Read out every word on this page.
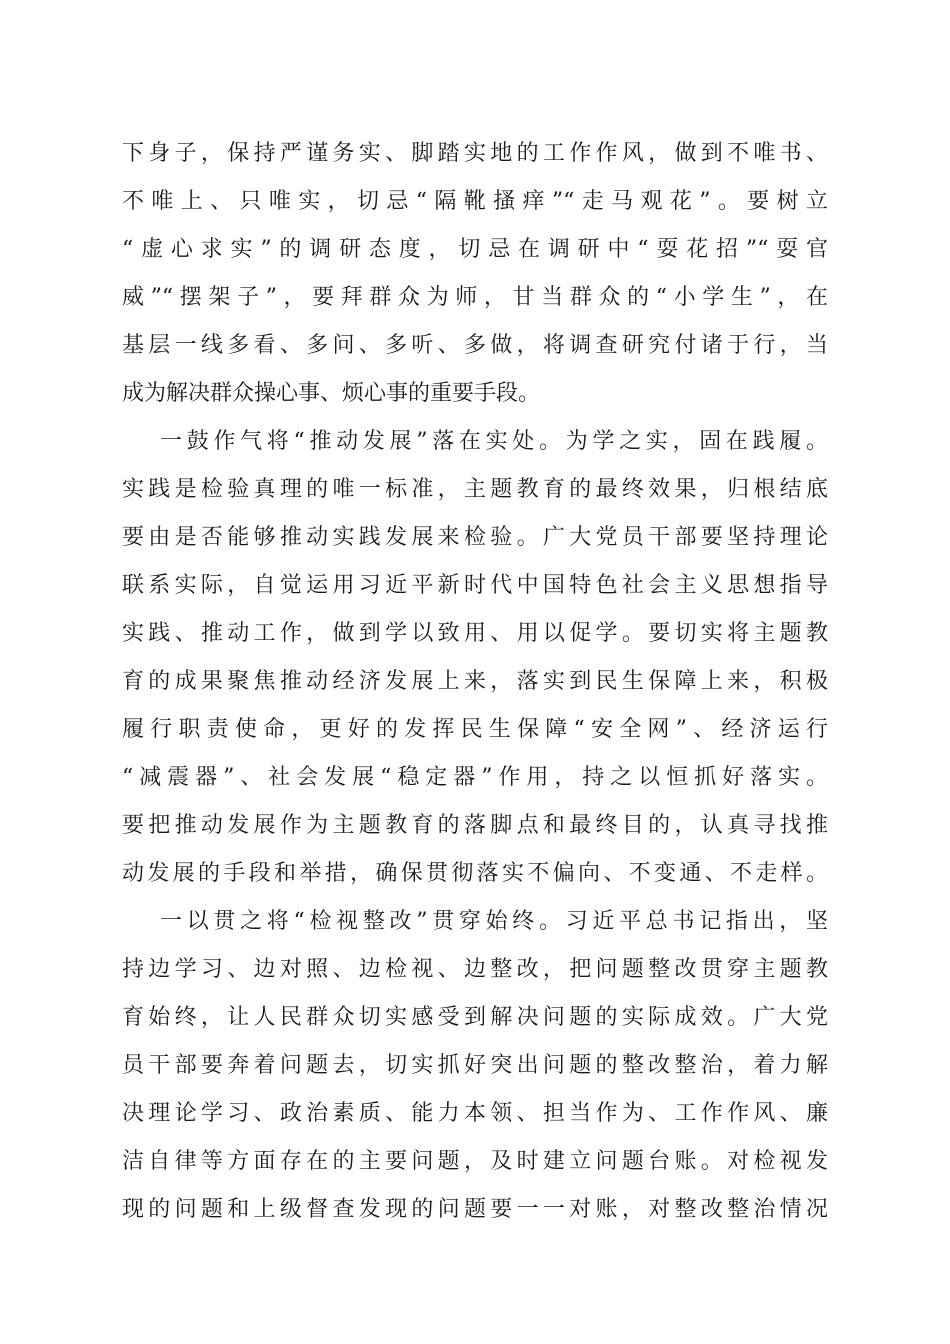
下身子，保持严谨务实、脚踏实地的工作作风，做到不唯书、
不唯上、只唯实，切忌“隔靴搔痒”“走马观花”。要树立
“虚心求实”的调研态度，切忌在调研中“耍花招”“耍官
威”“摆架子”，要拜群众为师，甘当群众的“小学生”，在
基层一线多看、多问、多听、多做，将调查研究付诸于行，当
成为解决群众操心事、烦心事的重要手段。
一鼓作气将“推动发展”落在实处。为学之实，固在践履。
实践是检验真理的唯一标准，主题教育的最终效果，归根结底
要由是否能够推动实践发展来检验。广大党员干部要坚持理论
联系实际，自觉运用习近平新时代中国特色社会主义思想指导
实践、推动工作，做到学以致用、用以促学。要切实将主题教
育的成果聚焦推动经济发展上来，落实到民生保障上来，积极
履行职责使命，更好的发挥民生保障“安全网”、经济运行
“减震器”、社会发展“稳定器”作用，持之以恒抓好落实。
要把推动发展作为主题教育的落脚点和最终目的，认真寻找推
动发展的手段和举措，确保贯彻落实不偏向、不变通、不走样。
一以贯之将“检视整改”贯穿始终。习近平总书记指出，坚
持边学习、边对照、边检视、边整改，把问题整改贯穿主题教
育始终，让人民群众切实感受到解决问题的实际成效。广大党
员干部要奔着问题去，切实抓好突出问题的整改整治，着力解
决理论学习、政治素质、能力本领、担当作为、工作作风、廉
洁自律等方面存在的主要问题，及时建立问题台账。对检视发
现的问题和上级督查发现的问题要一一对账，对整改整治情况
